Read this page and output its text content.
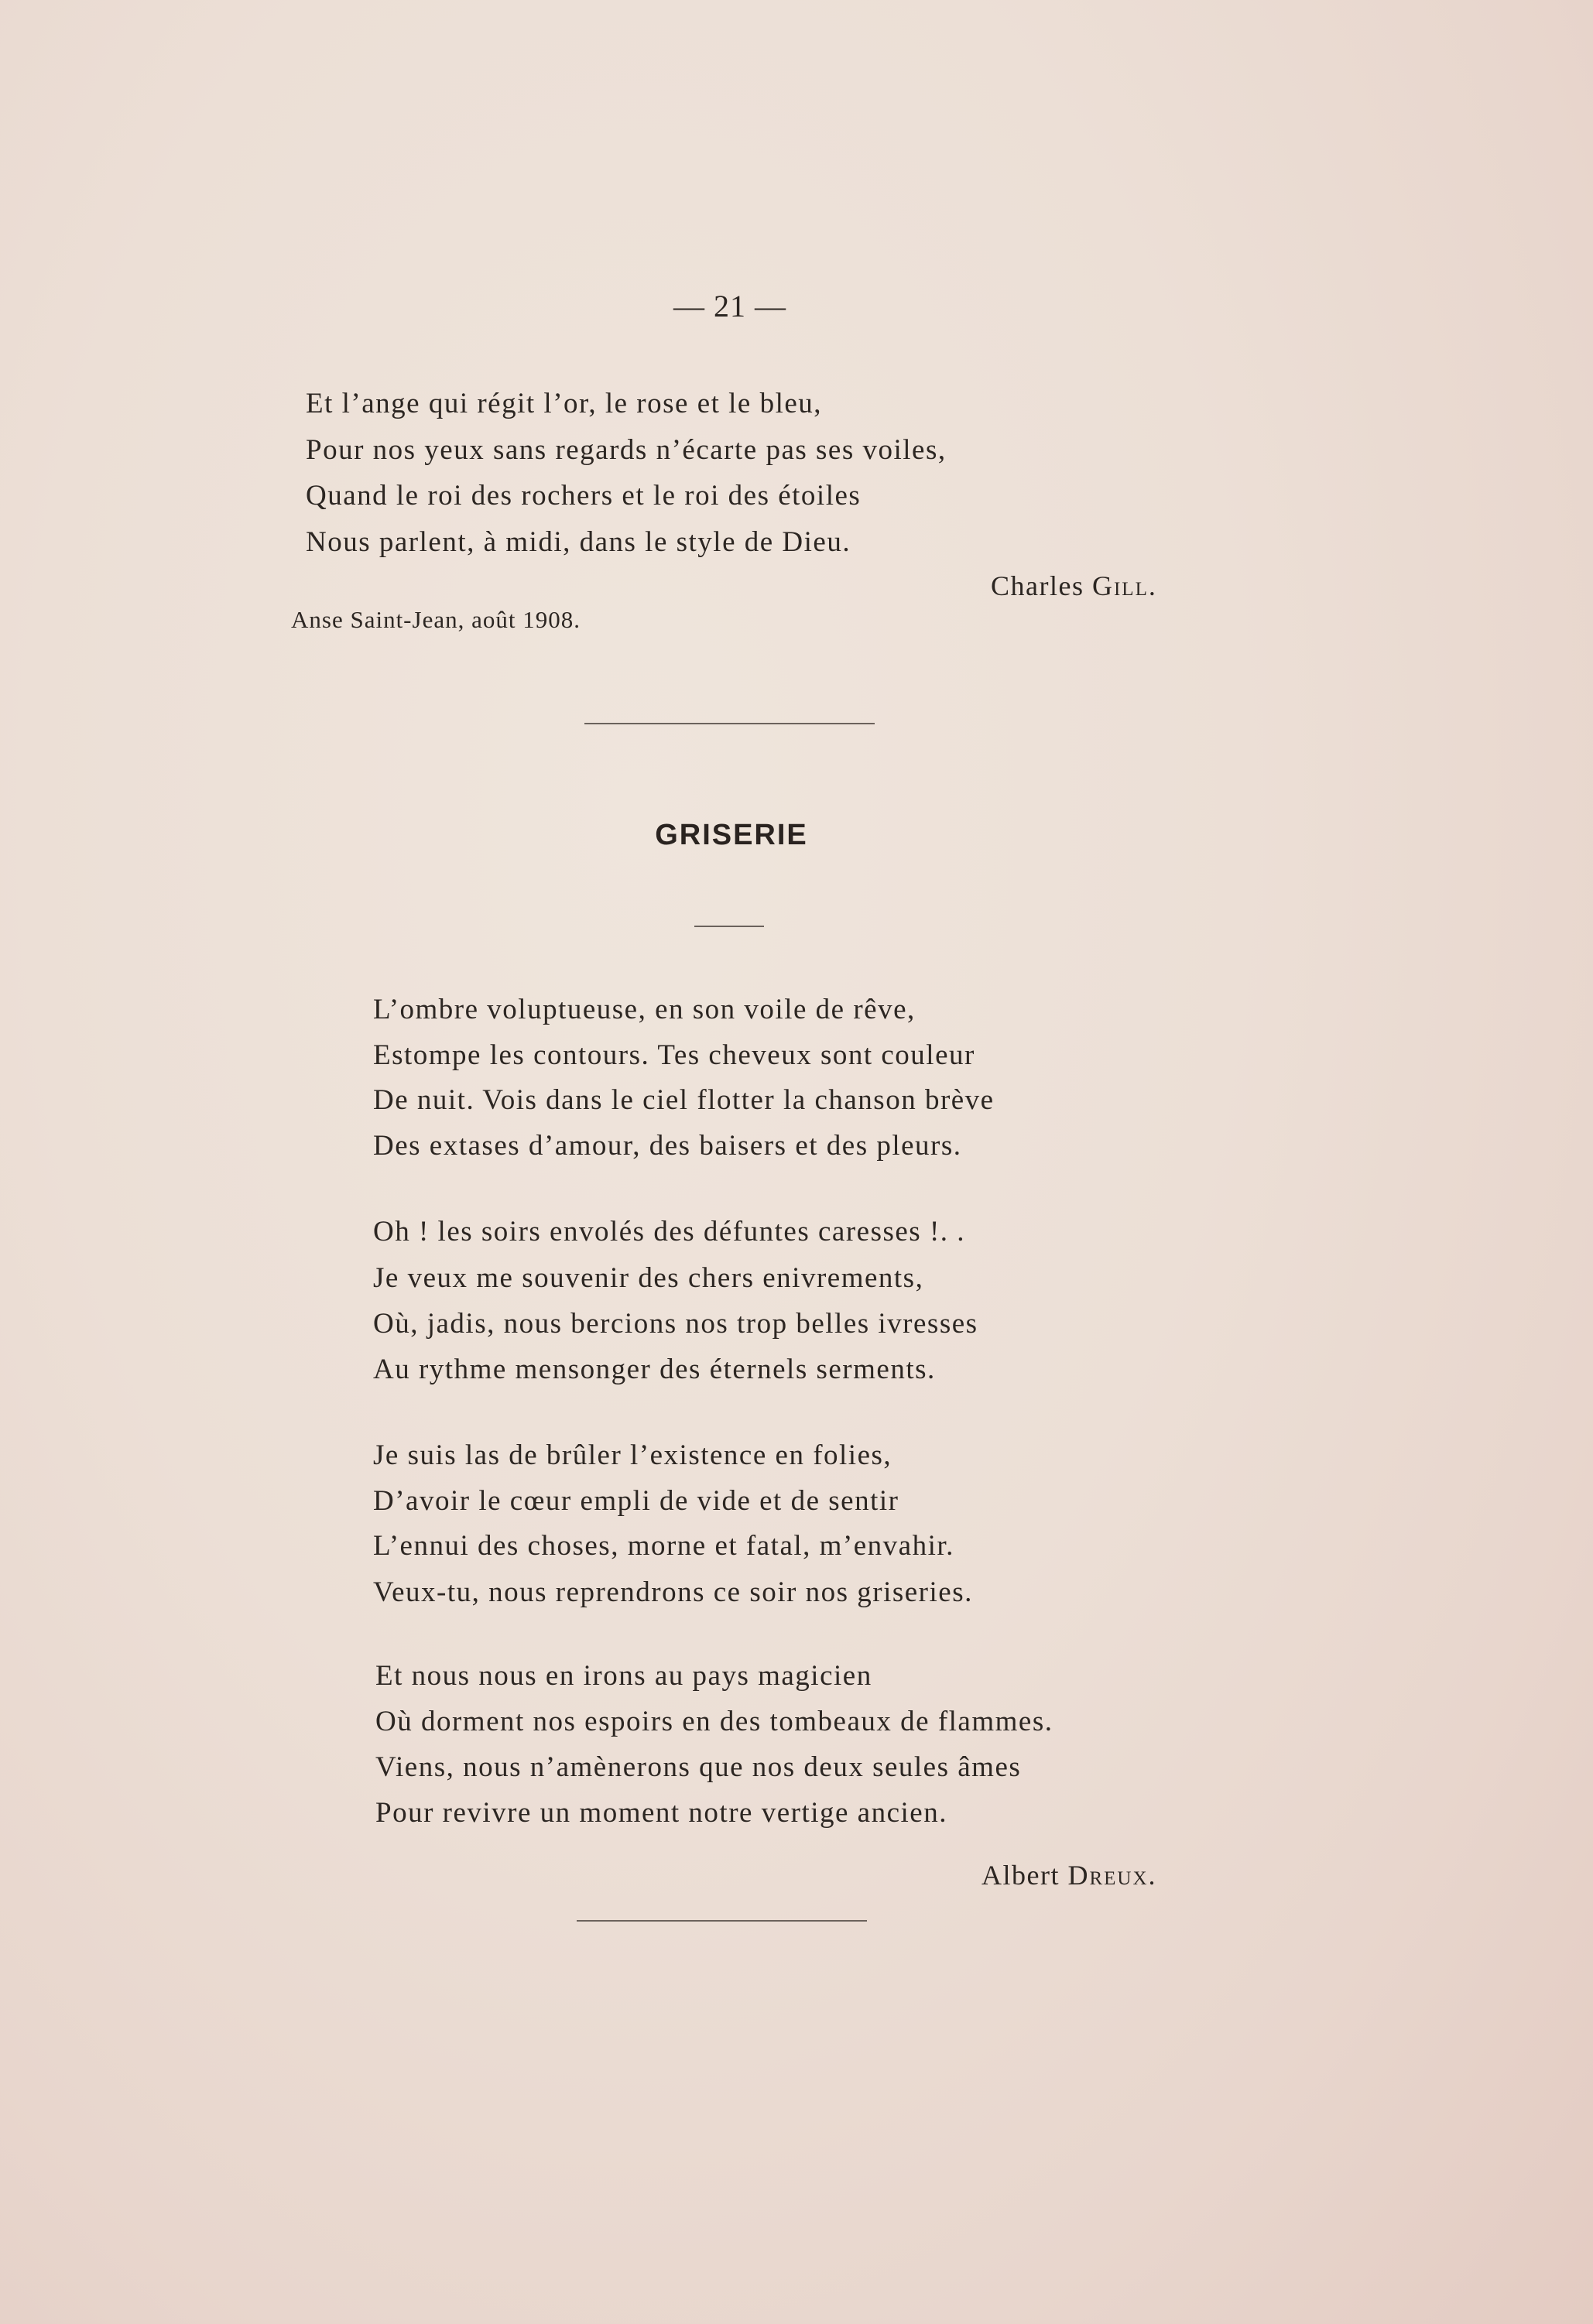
— 21 —
Et l’ange qui régit l’or, le rose et le bleu,
Pour nos yeux sans regards n’écarte pas ses voiles,
Quand le roi des rochers et le roi des étoiles
Nous parlent, à midi, dans le style de Dieu.
Charles Gill.
Anse Saint-Jean, août 1908.
GRISERIE
L’ombre voluptueuse, en son voile de rêve,
Estompe les contours. Tes cheveux sont couleur
De nuit. Vois dans le ciel flotter la chanson brève
Des extases d’amour, des baisers et des pleurs.
Oh ! les soirs envolés des défuntes caresses !. .
Je veux me souvenir des chers enivrements,
Où, jadis, nous bercions nos trop belles ivresses
Au rythme mensonger des éternels serments.
Je suis las de brûler l’existence en folies,
D’avoir le cœur empli de vide et de sentir
L’ennui des choses, morne et fatal, m’envahir.
Veux-tu, nous reprendrons ce soir nos griseries.
Et nous nous en irons au pays magicien
Où dorment nos espoirs en des tombeaux de flammes.
Viens, nous n’amènerons que nos deux seules âmes
Pour revivre un moment notre vertige ancien.
Albert Dreux.
